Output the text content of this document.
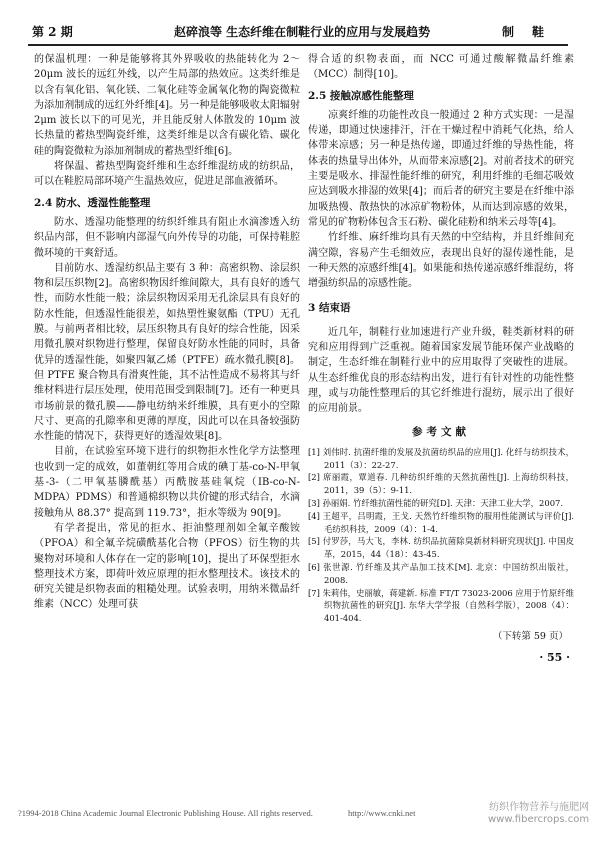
第 2 期	赵碎浪等 生态纤维在制鞋行业的应用与发展趋势	制鞋

的保温机理：一种是能够将其外界吸收的热能转化为 2～20μm 波长的远红外线，以产生局部的热效应。这类纤维是以含有氧化铝、氧化镁、二氧化硅等金属氧化物的陶瓷微粒为添加剂制成的远红外纤维[4]。另一种是能够吸收太阳辐射 2μm 波长以下的可见光，并且能反射人体散发的 10μm 波长热量的蓄热型陶瓷纤维，这类纤维是以含有碳化锆、碳化硅的陶瓷微粒为添加剂制成的蓄热型纤维[6]。

将保温、蓄热型陶瓷纤维和生态纤维混纺成的纺织品，可以在鞋腔局部环境产生温热效应，促进足部血液循环。

2.4 防水、透湿性能整理

防水、透湿功能整理的纺织纤维具有阻止水滴渗透入纺织品内部，但不影响内部湿气向外传导的功能，可保持鞋腔微环境的干爽舒适。

目前防水、透湿纺织品主要有 3 种：高密织物、涂层织物和层压织物[2]。高密织物因纤维间隙大，具有良好的透气性，而防水性能一般；涂层织物因采用无孔涂层具有良好的防水性能，但透湿性能很差，如热塑性聚氨酯（TPU）无孔膜。与前两者相比较，层压织物具有良好的综合性能，因采用微孔膜对织物进行整理，保留良好防水性能的同时，具备优异的透湿性能，如聚四氟乙烯（PTFE）疏水微孔膜[8]。但 PTFE 聚合物具有滑爽性能，其不沾性造成不易将其与纤维材料进行层压处理，使用范围受到限制[7]。还有一种更具市场前景的微孔膜——静电纺纳米纤维膜，具有更小的空隙尺寸、更高的孔隙率和更薄的厚度，因此可以在具备较强防水性能的情况下，获得更好的透湿效果[8]。

目前，在试验室环境下进行的织物拒水性化学方法整理也收到一定的成效，如董朝红等用合成的碘丁基-co-N-甲氧基-3-（二甲氧基膦酰基）丙酰胺基硅氧烷（IB-co-N-MDPA）PDMS）和普通棉织物以共价键的形式结合，水滴接触角从 88.37° 提高到 119.73°，拒水等级为 90[9]。

有学者提出，常见的拒水、拒油整理剂如全氟辛酸铵（PFOA）和全氟辛烷磺酰基化合物（PFOS）衍生物的共聚物对环境和人体存在一定的影响[10]，提出了环保型拒水整理技术方案，即荷叶效应原理的拒水整理技术。该技术的研究关键是织物表面的粗糙处理。试验表明，用纳米微晶纤维素（NCC）处理可获

得合适的织物表面，而 NCC 可通过酸解微晶纤维素（MCC）制得[10]。

2.5 接触凉感性能整理

凉爽纤维的功能性改良一般通过 2 种方式实现：一是湿传递，即通过快速排汗，汗在干燥过程中消耗气化热，给人体带来凉感；另一种是热传递，即通过纤维的导热性能，将体表的热量导出体外，从而带来凉感[2]。对前者技术的研究主要是吸水、排湿性能纤维的研究，利用纤维的毛细芯吸效应达到吸水排湿的效果[4]；而后者的研究主要是在纤维中添加吸热慢、散热快的冰凉矿物粉体，从而达到凉感的效果，常见的矿物粉体包含玉石粉、碳化硅粉和纳米云母等[4]。

竹纤维、麻纤维均具有天然的中空结构，并且纤维间充满空隙，容易产生毛细效应，表现出良好的湿传递性能，是一种天然的凉感纤维[4]。如果能和热传递凉感纤维混纺，将增强纺织品的凉感性能。

3 结束语

近几年，制鞋行业加速进行产业升级，鞋类新材料的研究和应用得到广泛重视。随着国家发展节能环保产业战略的制定，生态纤维在制鞋行业中的应用取得了突破性的进展。从生态纤维优良的形态结构出发，进行有针对性的功能性整理，或与功能性整理后的其它纤维进行混纺，展示出了很好的应用前景。

参考文献

[1] 刘伟时. 抗菌纤维的发展及抗菌纺织品的应用[J]. 化纤与纺织技术，2011（3）：22-27.

[2] 席丽霞，覃道春. 几种纺织纤维的天然抗菌性[J]. 上海纺织科技，2011，39（5）：9-11.

[3] 孙丽娟. 竹纤维抗菌性能的研究[D]. 天津：天津工业大学，2007.

[4] 王超平，吕明霞，王戈. 天然竹纤维织物的服用性能测试与评价[J]. 毛纺织科技，2009（4）：1-4.

[5] 付罗莎，马大飞，李林. 纺织品抗菌除臭新材料研究现状[J]. 中国皮革，2015，44（18）：43-45.

[6] 张世源. 竹纤维及其产品加工技术[M]. 北京：中国纺织出版社，2008.

[7] 朱莉伟，史丽敏，蒋建新. 标准 FT/T 73023-2006 应用于竹原纤维织物抗菌性的研究[J]. 东华大学学报（自然科学版），2008（4）：401-404.

（下转第 59 页）
· 55 ·
?1994-2018 China Academic Journal Electronic Publishing House. All rights reserved.	http://www.cnki.net	纺织作物营养与施肥网
www.fibercrops.com
